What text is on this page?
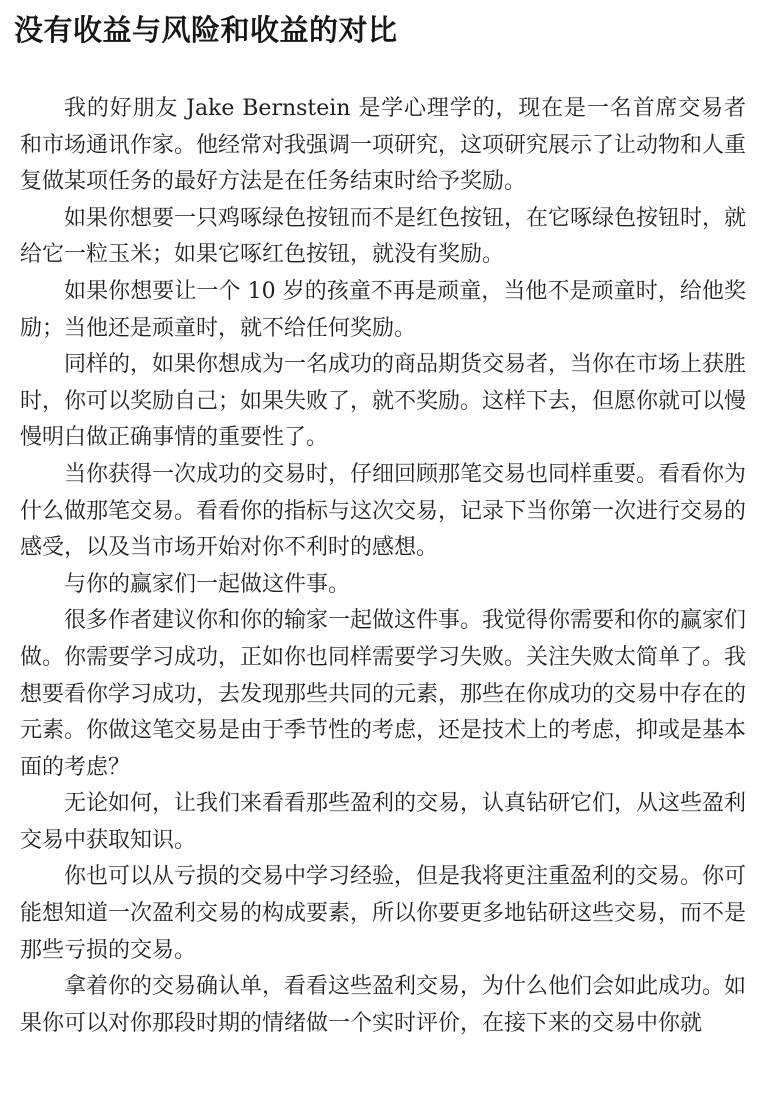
没有收益与风险和收益的对比

我的好朋友 Jake Bernstein 是学心理学的，现在是一名首席交易者和市场通讯作家。他经常对我强调一项研究，这项研究展示了让动物和人重复做某项任务的最好方法是在任务结束时给予奖励。

如果你想要一只鸡啄绿色按钮而不是红色按钮，在它啄绿色按钮时，就给它一粒玉米；如果它啄红色按钮，就没有奖励。

如果你想要让一个 10 岁的孩童不再是顽童，当他不是顽童时，给他奖励；当他还是顽童时，就不给任何奖励。

同样的，如果你想成为一名成功的商品期货交易者，当你在市场上获胜时，你可以奖励自己；如果失败了，就不奖励。这样下去，但愿你就可以慢慢明白做正确事情的重要性了。

当你获得一次成功的交易时，仔细回顾那笔交易也同样重要。看看你为什么做那笔交易。看看你的指标与这次交易，记录下当你第一次进行交易的感受，以及当市场开始对你不利时的感想。

与你的赢家们一起做这件事。

很多作者建议你和你的输家一起做这件事。我觉得你需要和你的赢家们做。你需要学习成功，正如你也同样需要学习失败。关注失败太简单了。我想要看你学习成功，去发现那些共同的元素，那些在你成功的交易中存在的元素。你做这笔交易是由于季节性的考虑，还是技术上的考虑，抑或是基本面的考虑？

无论如何，让我们来看看那些盈利的交易，认真钻研它们，从这些盈利交易中获取知识。

你也可以从亏损的交易中学习经验，但是我将更注重盈利的交易。你可能想知道一次盈利交易的构成要素，所以你要更多地钻研这些交易，而不是那些亏损的交易。

拿着你的交易确认单，看看这些盈利交易，为什么他们会如此成功。如果你可以对你那段时期的情绪做一个实时评价，在接下来的交易中你就
